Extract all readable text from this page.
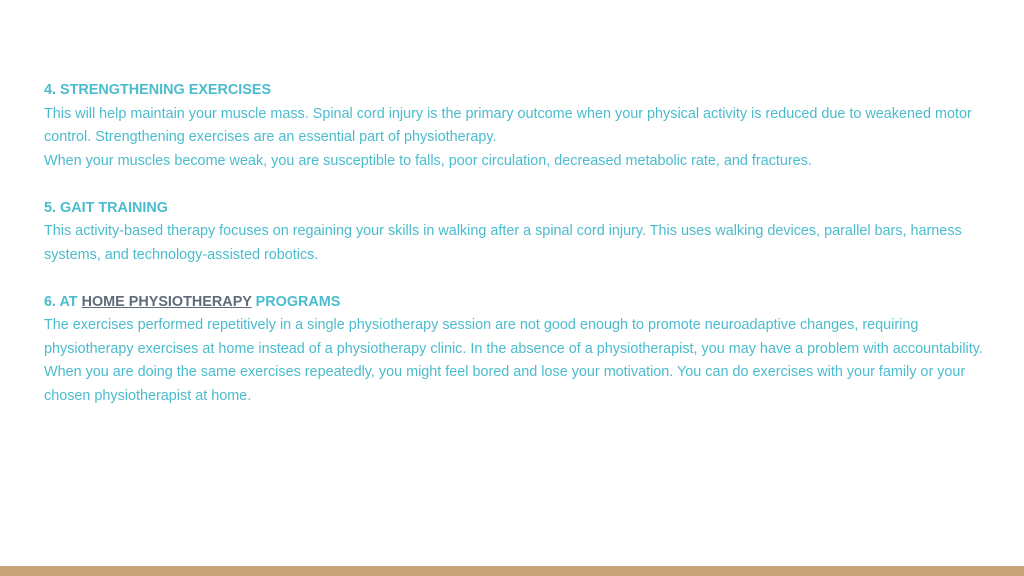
4. STRENGTHENING EXERCISES

This will help maintain your muscle mass. Spinal cord injury is the primary outcome when your physical activity is reduced due to weakened motor control. Strengthening exercises are an essential part of physiotherapy.

When your muscles become weak, you are susceptible to falls, poor circulation, decreased metabolic rate, and fractures.

5. GAIT TRAINING

This activity-based therapy focuses on regaining your skills in walking after a spinal cord injury. This uses walking devices, parallel bars, harness systems, and technology-assisted robotics.

6. AT HOME PHYSIOTHERAPY PROGRAMS

The exercises performed repetitively in a single physiotherapy session are not good enough to promote neuroadaptive changes, requiring physiotherapy exercises at home instead of a physiotherapy clinic. In the absence of a physiotherapist, you may have a problem with accountability. When you are doing the same exercises repeatedly, you might feel bored and lose your motivation. You can do exercises with your family or your chosen physiotherapist at home.
